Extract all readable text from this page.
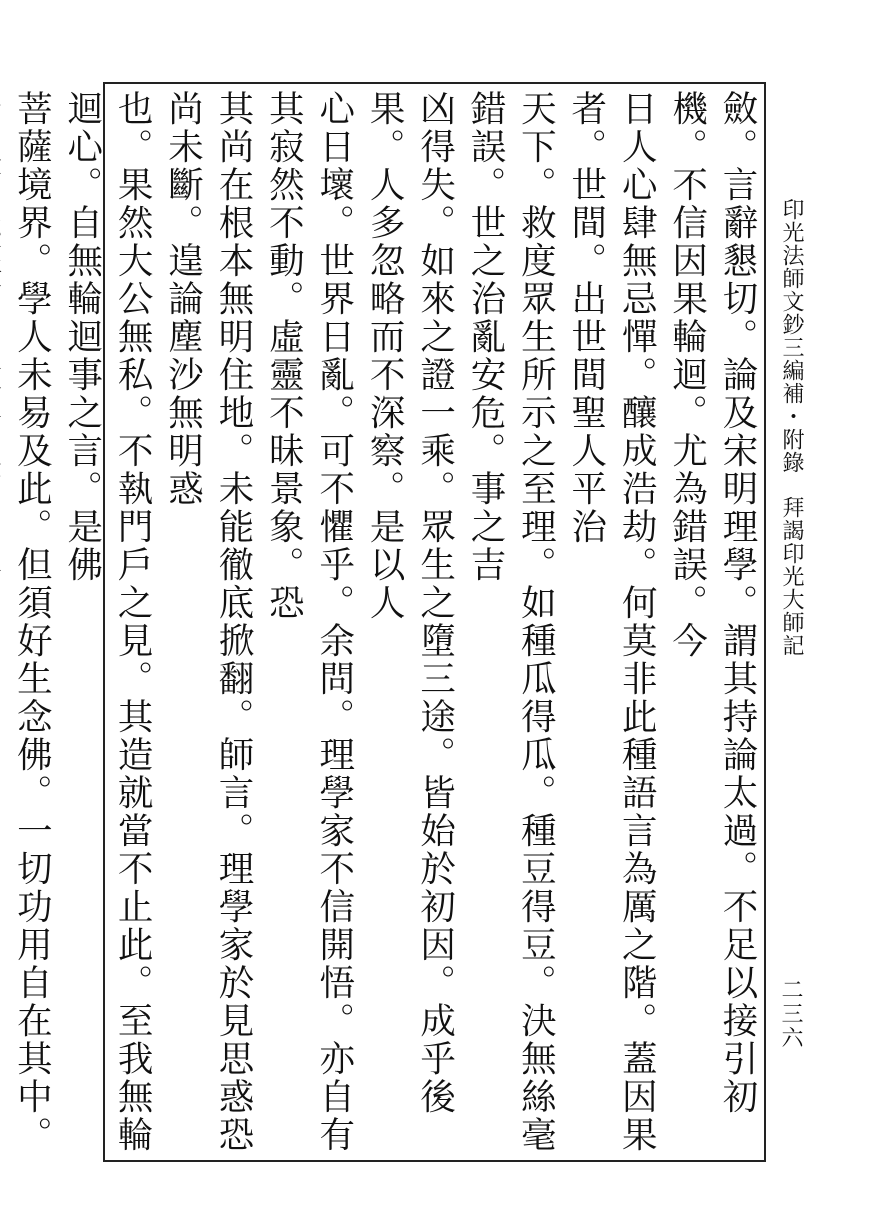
印光法師文鈔三編補・附錄拜謁印光大師記
二三六
斂。言辭懇切。論及宋明理學。謂其持論太過。不足以接引初機。不信因果輪迴。尤為錯誤。今
日人心肆無忌憚。釀成浩劫。何莫非此種語言為厲之階。蓋因果者。世間。出世間聖人平治
天下。救度眾生所示之至理。如種瓜得瓜。種豆得豆。決無絲毫錯誤。世之治亂安危。事之吉
凶得失。如來之證一乘。眾生之墮三途。皆始於初因。成乎後果。人多忽略而不深察。是以人
心日壞。世界日亂。可不懼乎。余問。理學家不信開悟。亦自有其寂然不動。虛靈不昧景象。恐
其尚在根本無明住地。未能徹底掀翻。師言。理學家於見思惑恐尚未斷。遑論塵沙無明惑
也。果然大公無私。不執門戶之見。其造就當不止此。至我無輪迴心。自無輪迴事之言。是佛
菩薩境界。學人未易及此。但須好生念佛。一切功用自在其中。
